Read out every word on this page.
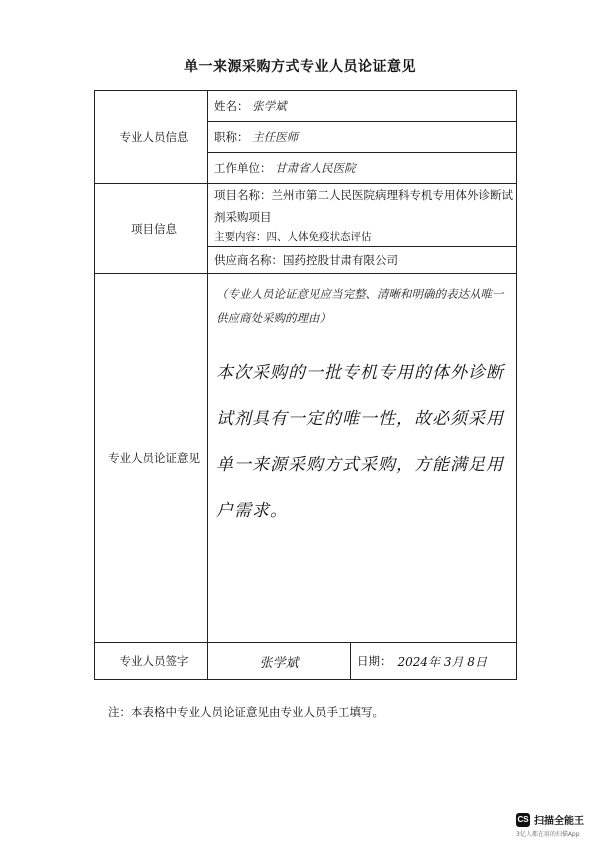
单一来源采购方式专业人员论证意见
专业人员信息	姓名： 张学斌
	职称： 主任医师
	工作单位： 甘肃省人民医院
项目信息	项目名称：兰州市第二人民医院病理科专机专用体外诊断试剂采购项目
主要内容：四、人体免疫状态评估

	供应商名称：国药控股甘肃有限公司
专业人员论证意见	（专业人员论证意见应当完整、清晰和明确的表达从唯一供应商处采购的理由）
本次采购的一批专机专用的体外诊断试剂具有一定的唯一性，故必须采用单一来源采购方式采购，方能满足用户需求。

专业人员签字	张学斌 日期： 2024年 3月 8日
注：本表格中专业人员论证意见由专业人员手工填写。
CS 扫描全能王
3亿人都在用的扫描App
